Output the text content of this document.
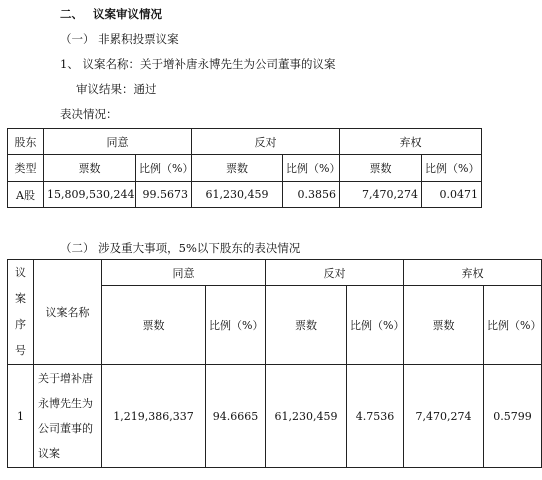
二、 议案审议情况
（一） 非累积投票议案
1、 议案名称：关于增补唐永博先生为公司董事的议案
审议结果：通过
表决情况：
股东	同意		反对		弃权	
类型	票数	比例（%）	票数	比例（%）	票数	比例（%）
A股	15,809,530,244	99.5673	61,230,459	0.3856	7,470,274	0.0471
（二） 涉及重大事项，5%以下股东的表决情况
议
案
序
号	议案名称	同意		反对		弃权	
		票数	比例（%）	票数	比例（%）	票数	比例（%）
1	关于增补唐
永博先生为
公司董事的
议案	1,219,386,337	94.6665	61,230,459	4.7536	7,470,274	0.5799
